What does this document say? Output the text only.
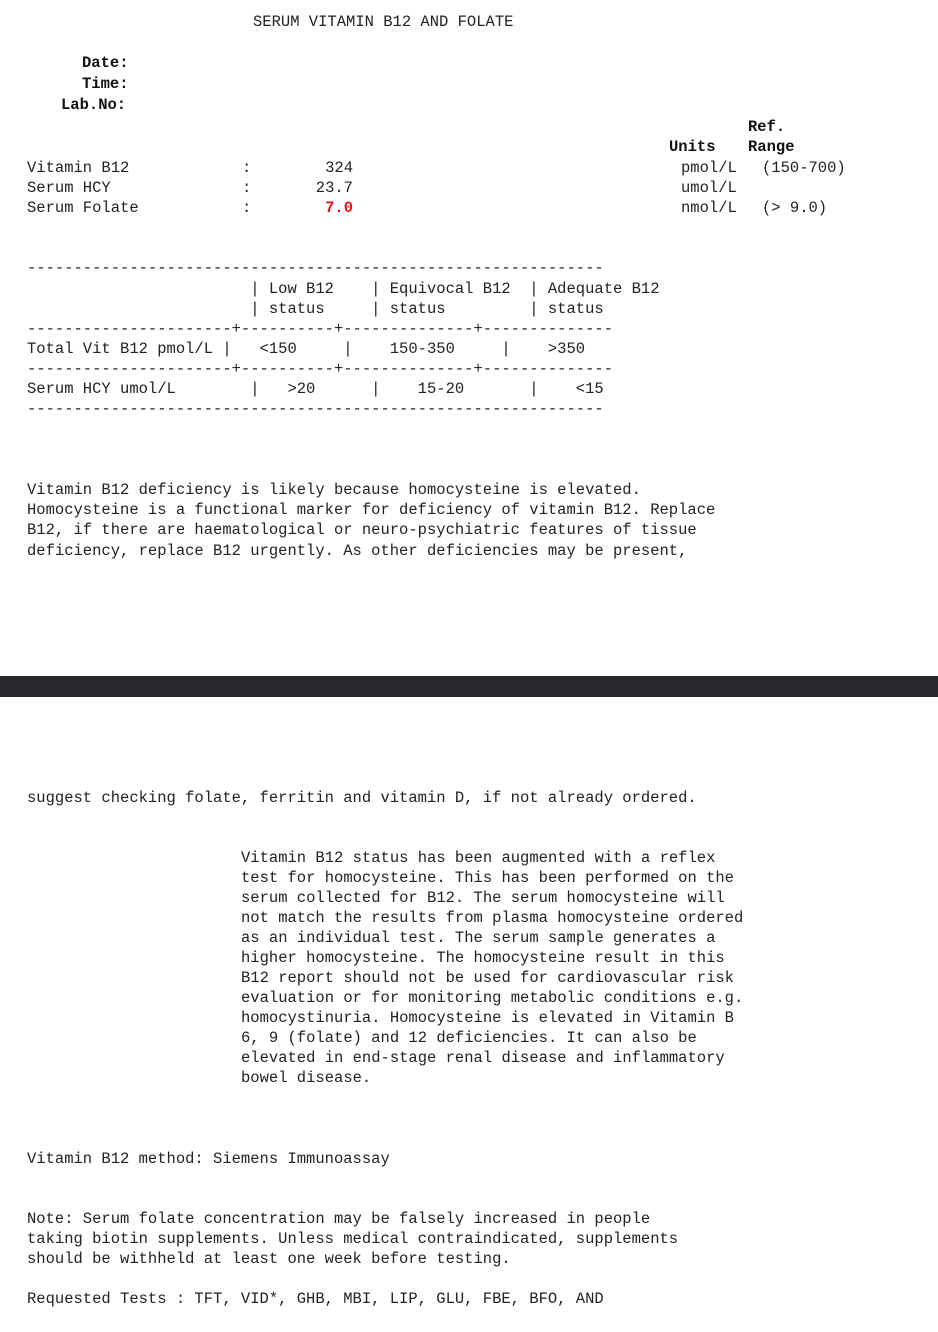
SERUM VITAMIN B12 AND FOLATE
Date:
Time:
Lab.No:
Ref.
Units Range
Vitamin B12	:	324	pmol/L (150-700)
Serum HCY	:	23.7	umol/L
Serum Folate	:	7.0	nmol/L (> 9.0)
--------------------------------------------------------------
| Low B12    | Equivocal B12  | Adequate B12
| status     | status         | status
----------------------+----------+--------------+--------------
Total Vit B12 pmol/L |   <150     |    150-350     |    >350
----------------------+----------+--------------+--------------
Serum HCY umol/L        |   >20      |    15-20       |    <15
--------------------------------------------------------------
Vitamin B12 deficiency is likely because homocysteine is elevated.
Homocysteine is a functional marker for deficiency of vitamin B12. Replace
B12, if there are haematological or neuro-psychiatric features of tissue
deficiency, replace B12 urgently. As other deficiencies may be present,
suggest checking folate, ferritin and vitamin D, if not already ordered.
Vitamin B12 status has been augmented with a reflex
test for homocysteine. This has been performed on the
serum collected for B12. The serum homocysteine will
not match the results from plasma homocysteine ordered
as an individual test. The serum sample generates a
higher homocysteine. The homocysteine result in this
B12 report should not be used for cardiovascular risk
evaluation or for monitoring metabolic conditions e.g.
homocystinuria. Homocysteine is elevated in Vitamin B
6, 9 (folate) and 12 deficiencies. It can also be
elevated in end-stage renal disease and inflammatory
bowel disease.
Vitamin B12 method: Siemens Immunoassay
Note: Serum folate concentration may be falsely increased in people
taking biotin supplements. Unless medical contraindicated, supplements
should be withheld at least one week before testing.
Requested Tests : TFT, VID*, GHB, MBI, LIP, GLU, FBE, BFO, AND
